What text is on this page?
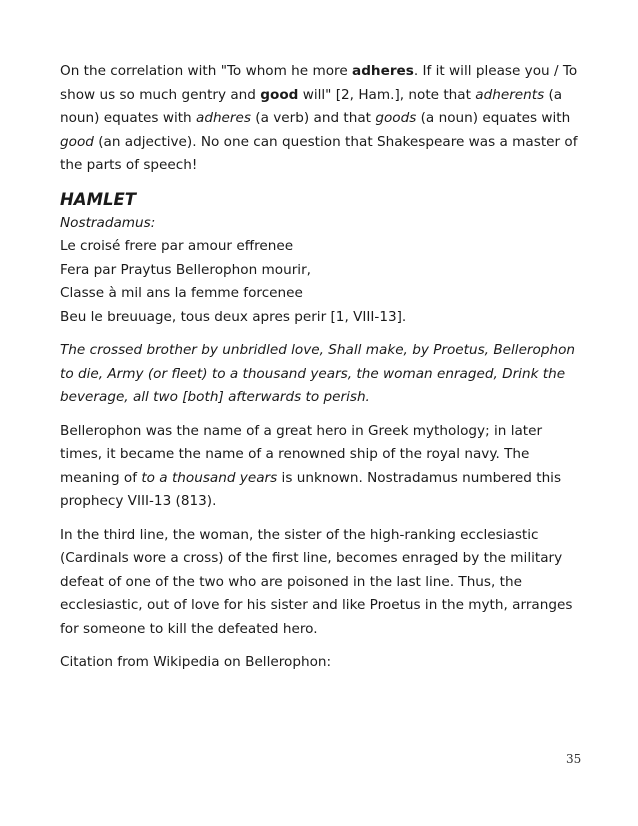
On the correlation with "To whom he more adheres. If it will please you / To show us so much gentry and good will" [2, Ham.], note that adherents (a noun) equates with adheres (a verb) and that goods (a noun) equates with good (an adjective). No one can question that Shakespeare was a master of the parts of speech!

HAMLET
Nostradamus:
Le croisé frere par amour effrenee
Fera par Praytus Bellerophon mourir,
Classe à mil ans la femme forcenee
Beu le breuuage, tous deux apres perir [1, VIII-13].

The crossed brother by unbridled love, Shall make, by Proetus, Bellerophon to die, Army (or fleet) to a thousand years, the woman enraged, Drink the beverage, all two [both] afterwards to perish.

Bellerophon was the name of a great hero in Greek mythology; in later times, it became the name of a renowned ship of the royal navy. The meaning of to a thousand years is unknown. Nostradamus numbered this prophecy VIII-13 (813).

In the third line, the woman, the sister of the high-ranking ecclesiastic (Cardinals wore a cross) of the first line, becomes enraged by the military defeat of one of the two who are poisoned in the last line. Thus, the ecclesiastic, out of love for his sister and like Proetus in the myth, arranges for someone to kill the defeated hero.

Citation from Wikipedia on Bellerophon:

35
